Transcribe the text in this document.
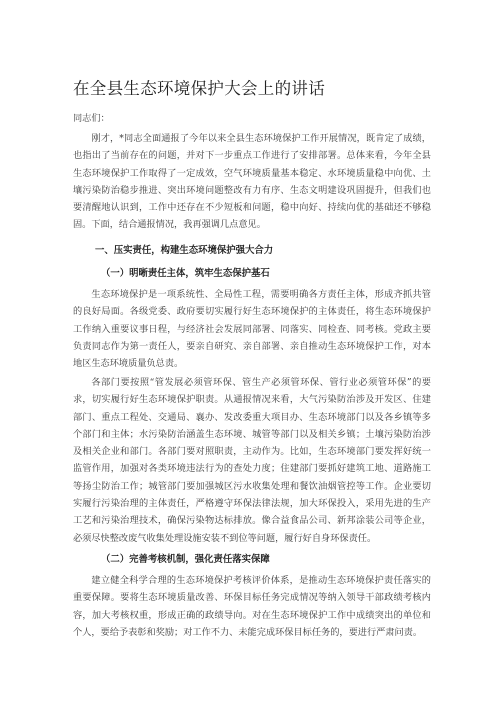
在全县生态环境保护大会上的讲话
同志们：

刚才，*同志全面通报了今年以来全县生态环境保护工作开展情况，既肯定了成绩，也指出了当前存在的问题，并对下一步重点工作进行了安排部署。总体来看，今年全县生态环境保护工作取得了一定成效，空气环境质量基本稳定、水环境质量稳中向优、土壤污染防治稳步推进、突出环境问题整改有力有序、生态文明建设巩固提升，但我们也要清醒地认识到，工作中还存在不少短板和问题，稳中向好、持续向优的基础还不够稳固。下面，结合通报情况，我再强调几点意见。

一、压实责任，构建生态环境保护强大合力
（一）明晰责任主体，筑牢生态保护基石

生态环境保护是一项系统性、全局性工程，需要明确各方责任主体，形成齐抓共管的良好局面。各级党委、政府要切实履行好生态环境保护的主体责任，将生态环境保护工作纳入重要议事日程，与经济社会发展同部署、同落实、同检查、同考核。党政主要负责同志作为第一责任人，要亲自研究、亲自部署、亲自推动生态环境保护工作，对本地区生态环境质量负总责。

各部门要按照“管发展必须管环保、管生产必须管环保、管行业必须管环保”的要求，切实履行好生态环境保护职责。从通报情况来看，大气污染防治涉及开发区、住建部门、重点工程处、交通局、襄办、发改委重大项目办、生态环境部门以及各乡镇等多个部门和主体；水污染防治涵盖生态环境、城管等部门以及相关乡镇；土壤污染防治涉及相关企业和部门。各部门要对照职责，主动作为。比如，生态环境部门要发挥好统一监管作用，加强对各类环境违法行为的查处力度；住建部门要抓好建筑工地、道路施工等扬尘防治工作；城管部门要加强城区污水收集处理和餐饮油烟管控等工作。企业要切实履行污染治理的主体责任，严格遵守环保法律法规，加大环保投入，采用先进的生产工艺和污染治理技术，确保污染物达标排放。像合益食品公司、新邦涂装公司等企业，必须尽快整改废气收集处理设施安装不到位等问题，履行好自身环保责任。

（二）完善考核机制，强化责任落实保障

建立健全科学合理的生态环境保护考核评价体系，是推动生态环境保护责任落实的重要保障。要将生态环境质量改善、环保目标任务完成情况等纳入领导干部政绩考核内容，加大考核权重，形成正确的政绩导向。对在生态环境保护工作中成绩突出的单位和个人，要给予表彰和奖励；对工作不力、未能完成环保目标任务的，要进行严肃问责。
